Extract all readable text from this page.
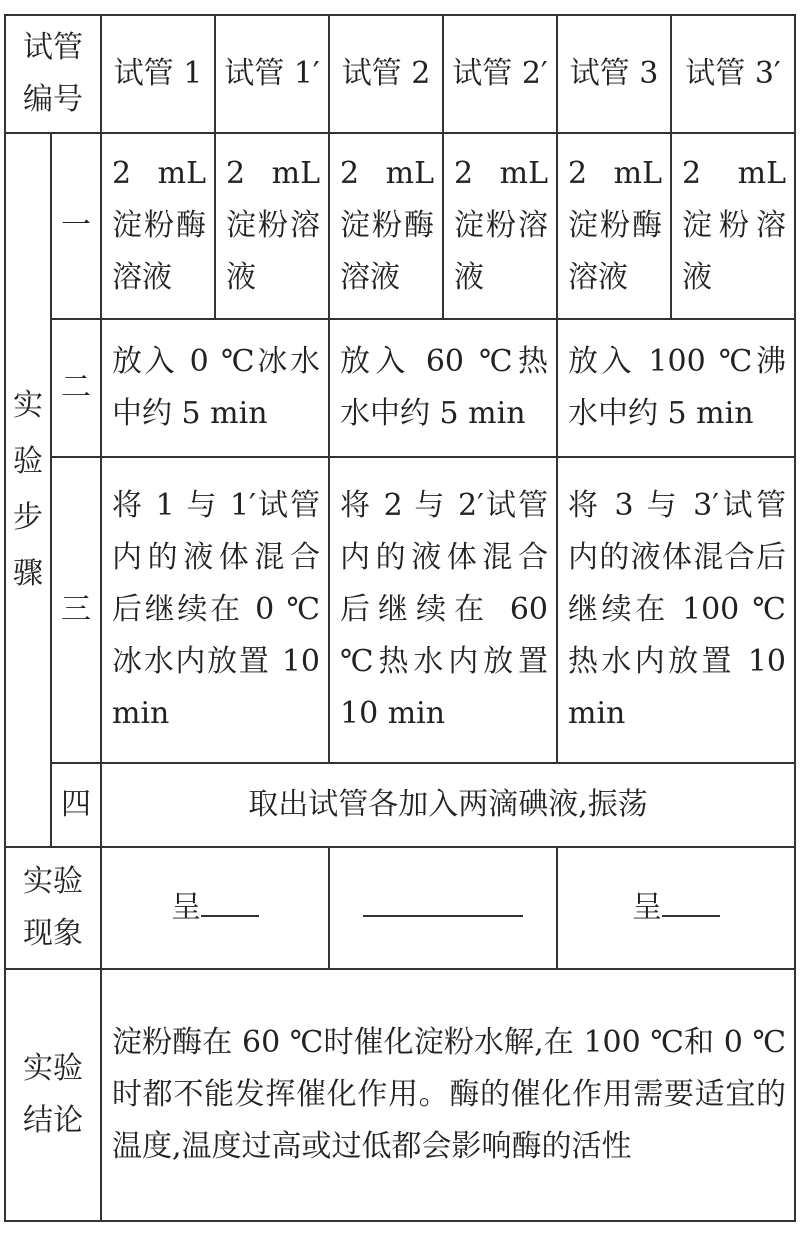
试管
编号		试管 1	试管 1′	试管 2	试管 2′	试管 3	试管 3′

实
验
步
骤	一	2 mL 淀粉酶溶液	2 mL 淀粉溶液	2 mL 淀粉酶溶液	2 mL 淀粉溶液	2 mL 淀粉酶溶液	2 mL 淀粉溶液
	二	放入 0 ℃冰水中约 5 min		放入 60 ℃热水中约 5 min		放入 100 ℃沸水中约 5 min	
	三	将 1 与 1′试管内的液体混合后继续在 0 ℃冰水内放置 10 min		将 2 与 2′试管内的液体混合后继续在 60 ℃热水内放置 10 min		将 3 与 3′试管内的液体混合后继续在 100 ℃热水内放置 10 min	
	四	取出试管各加入两滴碘液,振荡					
实验
现象		呈				呈	
实验
结论		淀粉酶在 60 ℃时催化淀粉水解,在 100 ℃和 0 ℃时都不能发挥催化作用。酶的催化作用需要适宜的温度,温度过高或过低都会影响酶的活性					
